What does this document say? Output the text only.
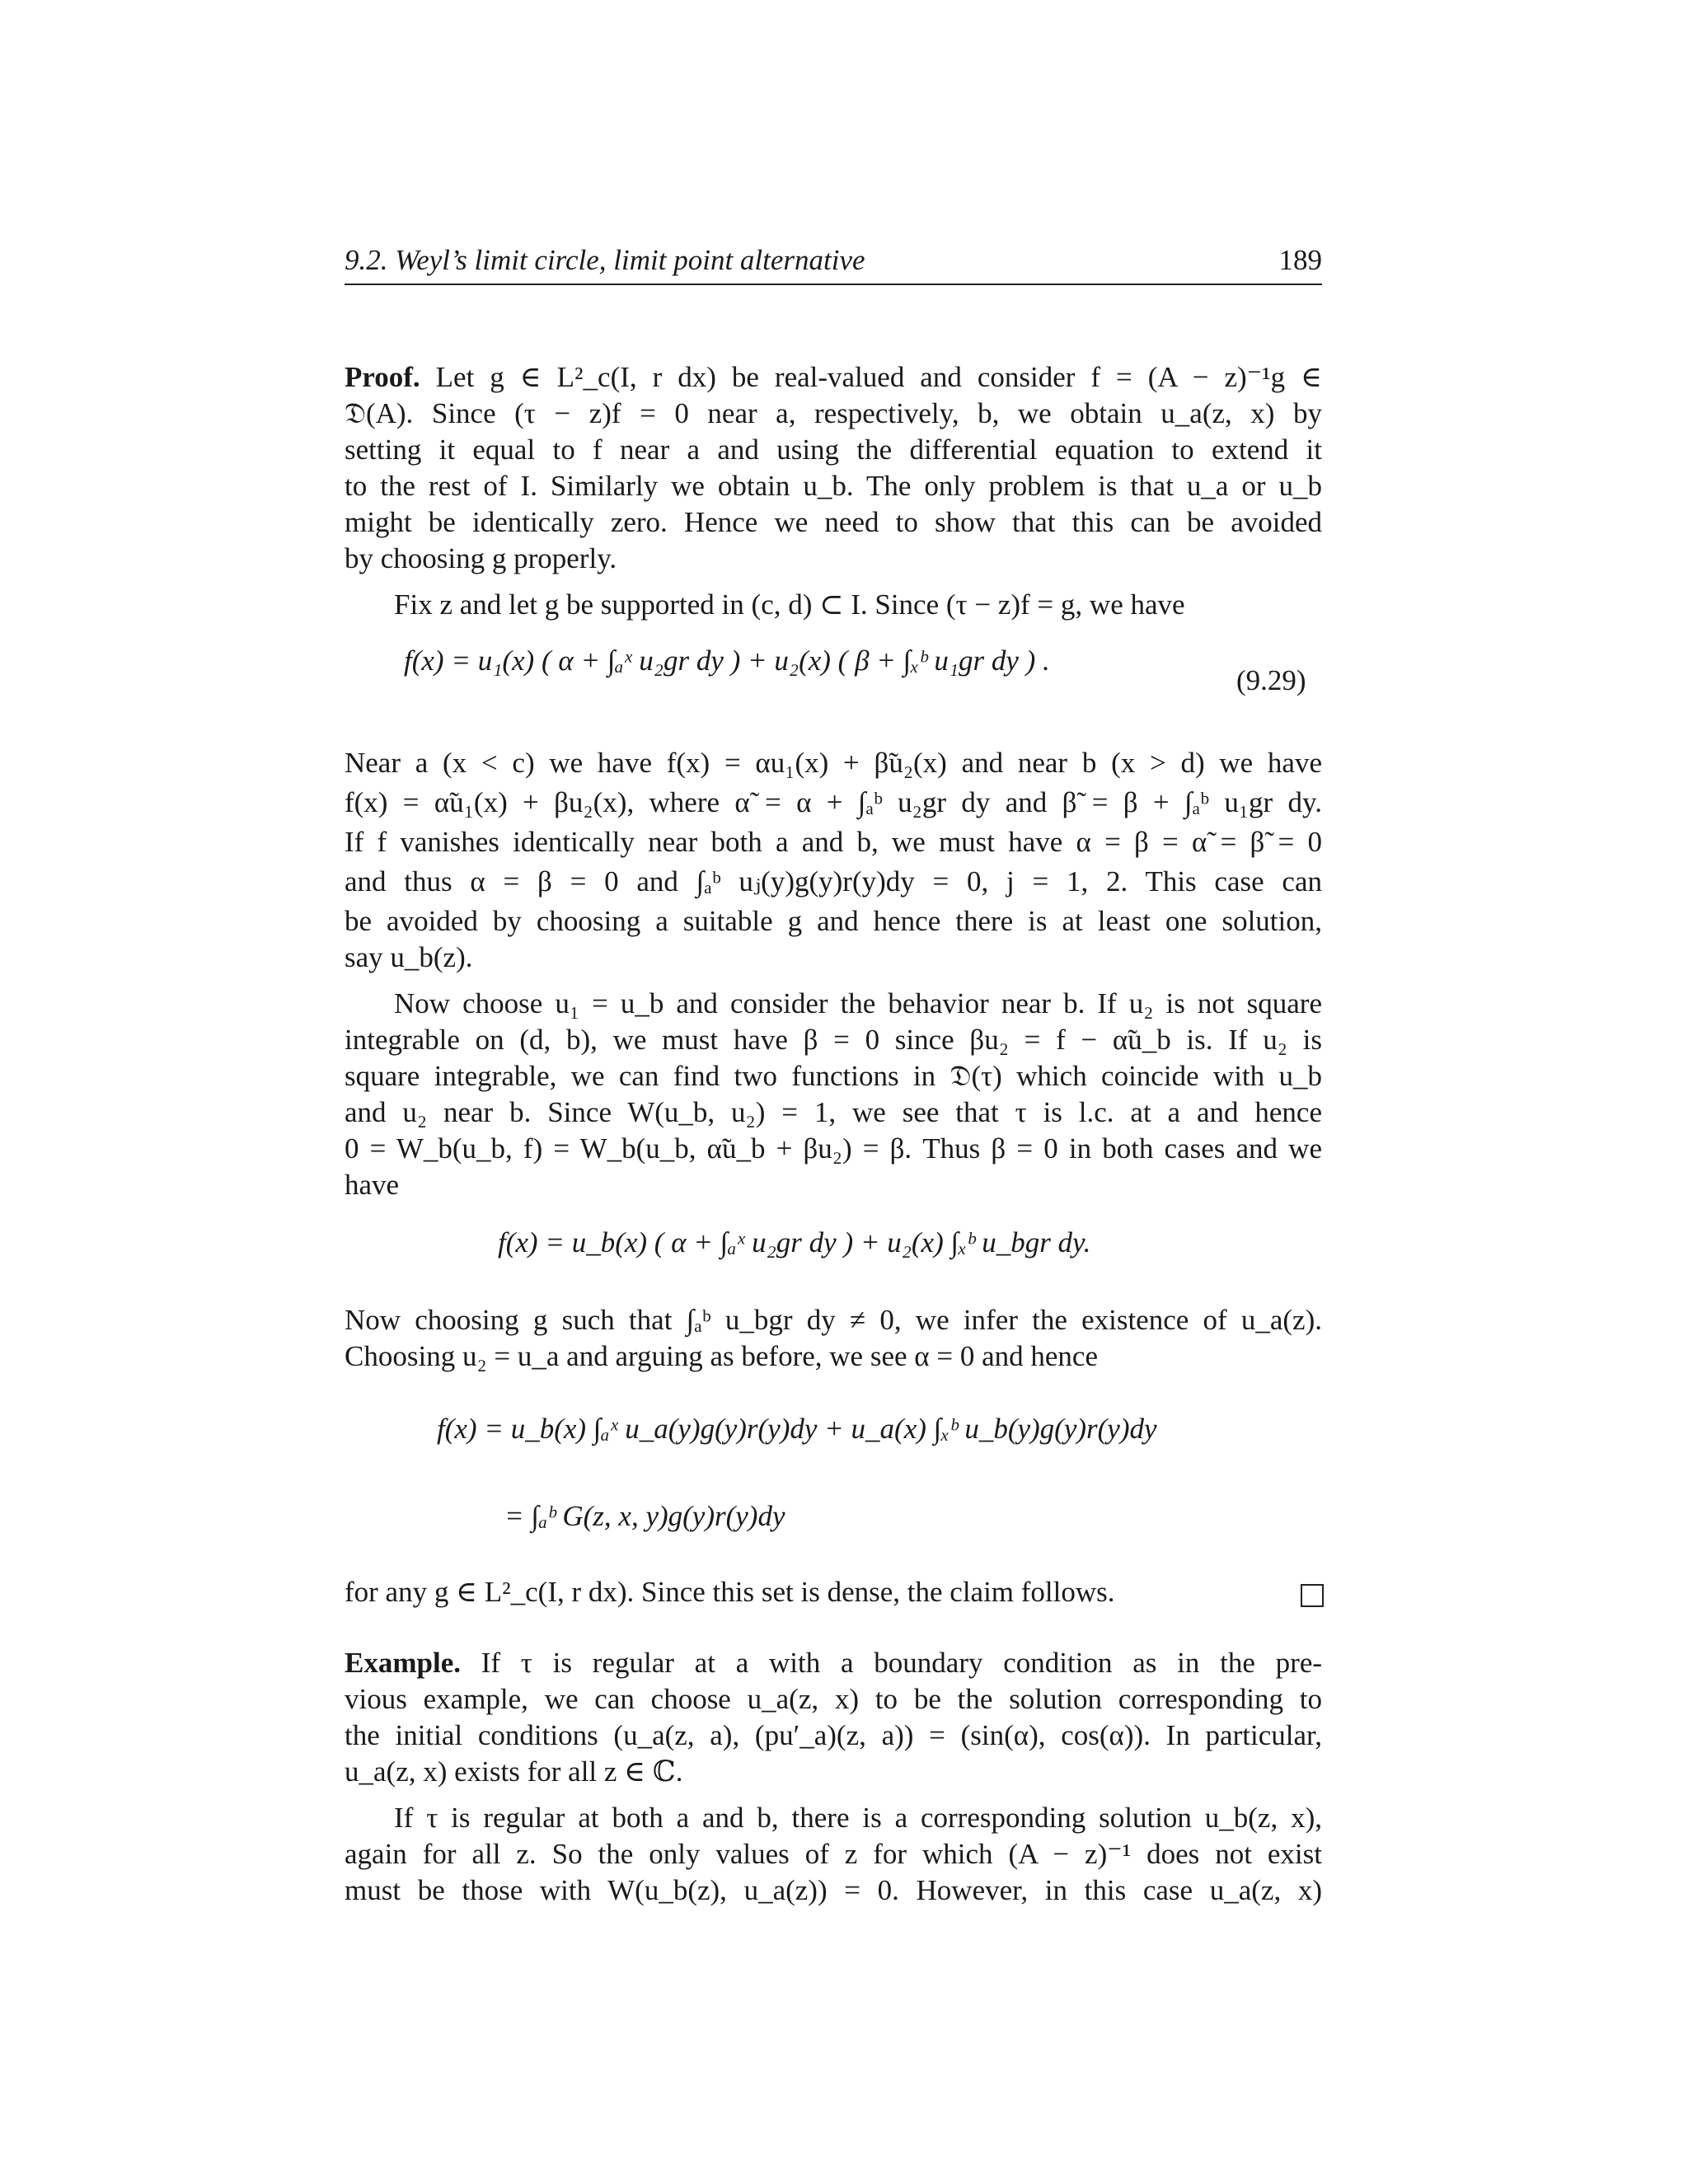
9.2. Weyl’s limit circle, limit point alternative	189
Proof. Let g ∈ L²_c(I, r dx) be real-valued and consider f = (A − z)⁻¹g ∈
𝔇(A). Since (τ − z)f = 0 near a, respectively, b, we obtain u_a(z, x) by
setting it equal to f near a and using the differential equation to extend it
to the rest of I. Similarly we obtain u_b. The only problem is that u_a or u_b
might be identically zero. Hence we need to show that this can be avoided
by choosing g properly.
Fix z and let g be supported in (c, d) ⊂ I. Since (τ − z)f = g, we have
f(x) = u₁(x) ( α + ∫ₐˣ u₂gr dy ) + u₂(x) ( β + ∫ₓᵇ u₁gr dy ) .
(9.29)
Near a (x < c) we have f(x) = αu₁(x) + β̃u₂(x) and near b (x > d) we have
f(x) = α̃u₁(x) + βu₂(x), where α̃ = α + ∫ₐᵇ u₂gr dy and β̃ = β + ∫ₐᵇ u₁gr dy.
If f vanishes identically near both a and b, we must have α = β = α̃ = β̃ = 0
and thus α = β = 0 and ∫ₐᵇ uⱼ(y)g(y)r(y)dy = 0, j = 1, 2. This case can
be avoided by choosing a suitable g and hence there is at least one solution,
say u_b(z).
Now choose u₁ = u_b and consider the behavior near b. If u₂ is not square
integrable on (d, b), we must have β = 0 since βu₂ = f − α̃u_b is. If u₂ is
square integrable, we can find two functions in 𝔇(τ) which coincide with u_b
and u₂ near b. Since W(u_b, u₂) = 1, we see that τ is l.c. at a and hence
0 = W_b(u_b, f) = W_b(u_b, α̃u_b + βu₂) = β. Thus β = 0 in both cases and we
have
f(x) = u_b(x) ( α + ∫ₐˣ u₂gr dy ) + u₂(x) ∫ₓᵇ u_bgr dy.
Now choosing g such that ∫ₐᵇ u_bgr dy ≠ 0, we infer the existence of u_a(z).
Choosing u₂ = u_a and arguing as before, we see α = 0 and hence
f(x) = u_b(x) ∫ₐˣ u_a(y)g(y)r(y)dy + u_a(x) ∫ₓᵇ u_b(y)g(y)r(y)dy
= ∫ₐᵇ G(z, x, y)g(y)r(y)dy
for any g ∈ L²_c(I, r dx). Since this set is dense, the claim follows.
Example. If τ is regular at a with a boundary condition as in the pre-
vious example, we can choose u_a(z, x) to be the solution corresponding to
the initial conditions (u_a(z, a), (pu′_a)(z, a)) = (sin(α), cos(α)). In particular,
u_a(z, x) exists for all z ∈ ℂ.
If τ is regular at both a and b, there is a corresponding solution u_b(z, x),
again for all z. So the only values of z for which (A − z)⁻¹ does not exist
must be those with W(u_b(z), u_a(z)) = 0. However, in this case u_a(z, x)
